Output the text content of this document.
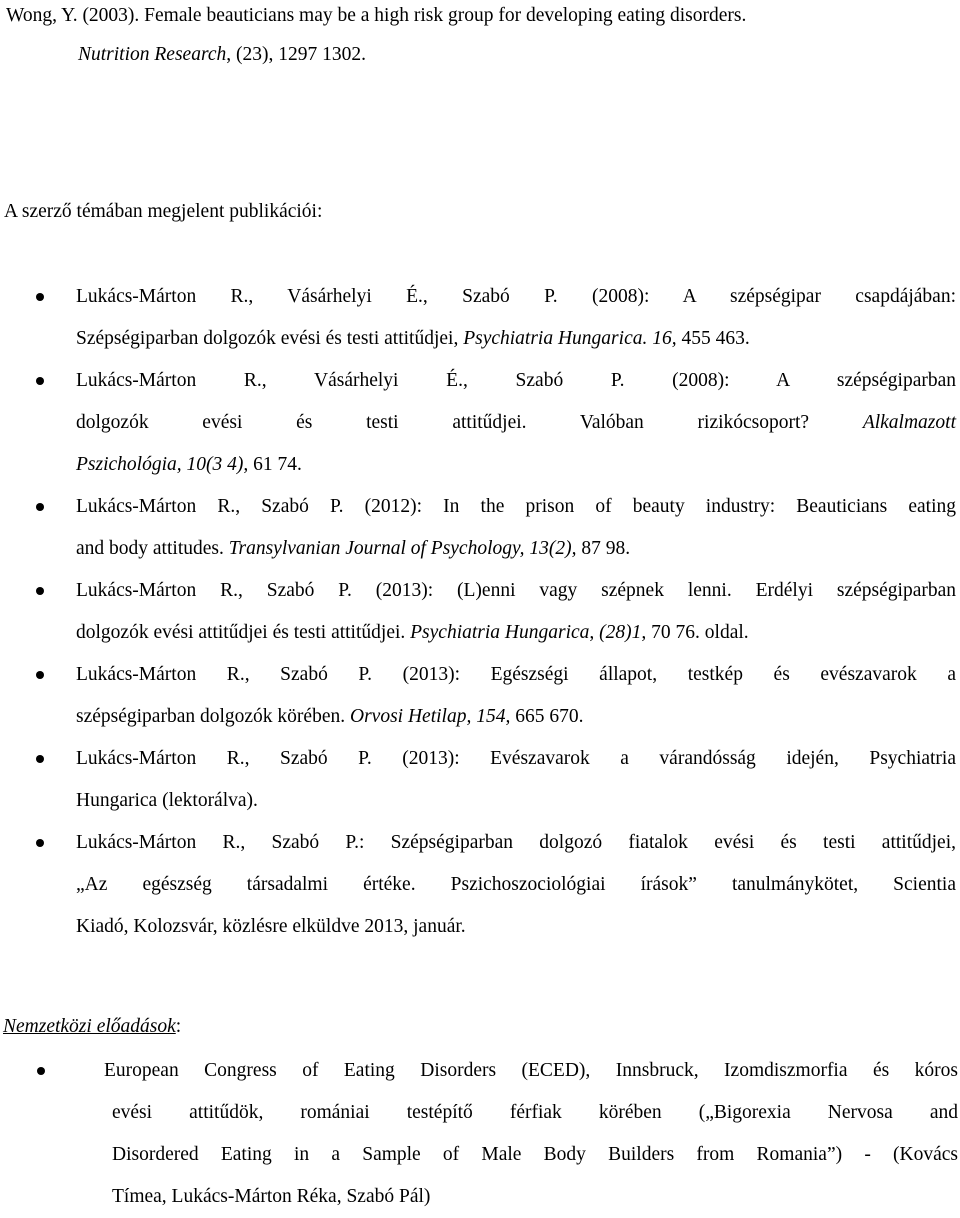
Wong, Y. (2003). Female beauticians may be a high risk group for developing eating disorders.

Nutrition Research, (23), 1297 1302.

A szerző témában megjelent publikációi:
Lukács-Márton R., Vásárhelyi É., Szabó P. (2008): A szépségipar csapdájában:
Szépségiparban dolgozók evési és testi attitűdjei, Psychiatria Hungarica. 16, 455 463.
Lukács-Márton R., Vásárhelyi É., Szabó P. (2008): A szépségiparban
dolgozók evési és testi attitűdjei. Valóban rizikócsoport? Alkalmazott
Pszichológia, 10(3 4), 61 74.
Lukács-Márton R., Szabó P. (2012): In the prison of beauty industry: Beauticians eating
and body attitudes. Transylvanian Journal of Psychology, 13(2), 87 98.
Lukács-Márton R., Szabó P. (2013): (L)enni vagy szépnek lenni. Erdélyi szépségiparban
dolgozók evési attitűdjei és testi attitűdjei. Psychiatria Hungarica, (28)1, 70 76. oldal.
Lukács-Márton R., Szabó P. (2013): Egészségi állapot, testkép és evészavarok a
szépségiparban dolgozók körében. Orvosi Hetilap, 154, 665 670.
Lukács-Márton R., Szabó P. (2013): Evészavarok a várandósság idején, Psychiatria
Hungarica (lektorálva).
Lukács-Márton R., Szabó P.: Szépségiparban dolgozó fiatalok evési és testi attitűdjei,
„Az egészség társadalmi értéke. Pszichoszociológiai írások” tanulmánykötet, Scientia
Kiadó, Kolozsvár, közlésre elküldve 2013, január.
Nemzetközi előadások:
European Congress of Eating Disorders (ECED), Innsbruck, Izomdiszmorfia és kóros
evési attitűdök, romániai testépítő férfiak körében („Bigorexia Nervosa and
Disordered Eating in a Sample of Male Body Builders from Romania”) - (Kovács
Tímea, Lukács-Márton Réka, Szabó Pál)
